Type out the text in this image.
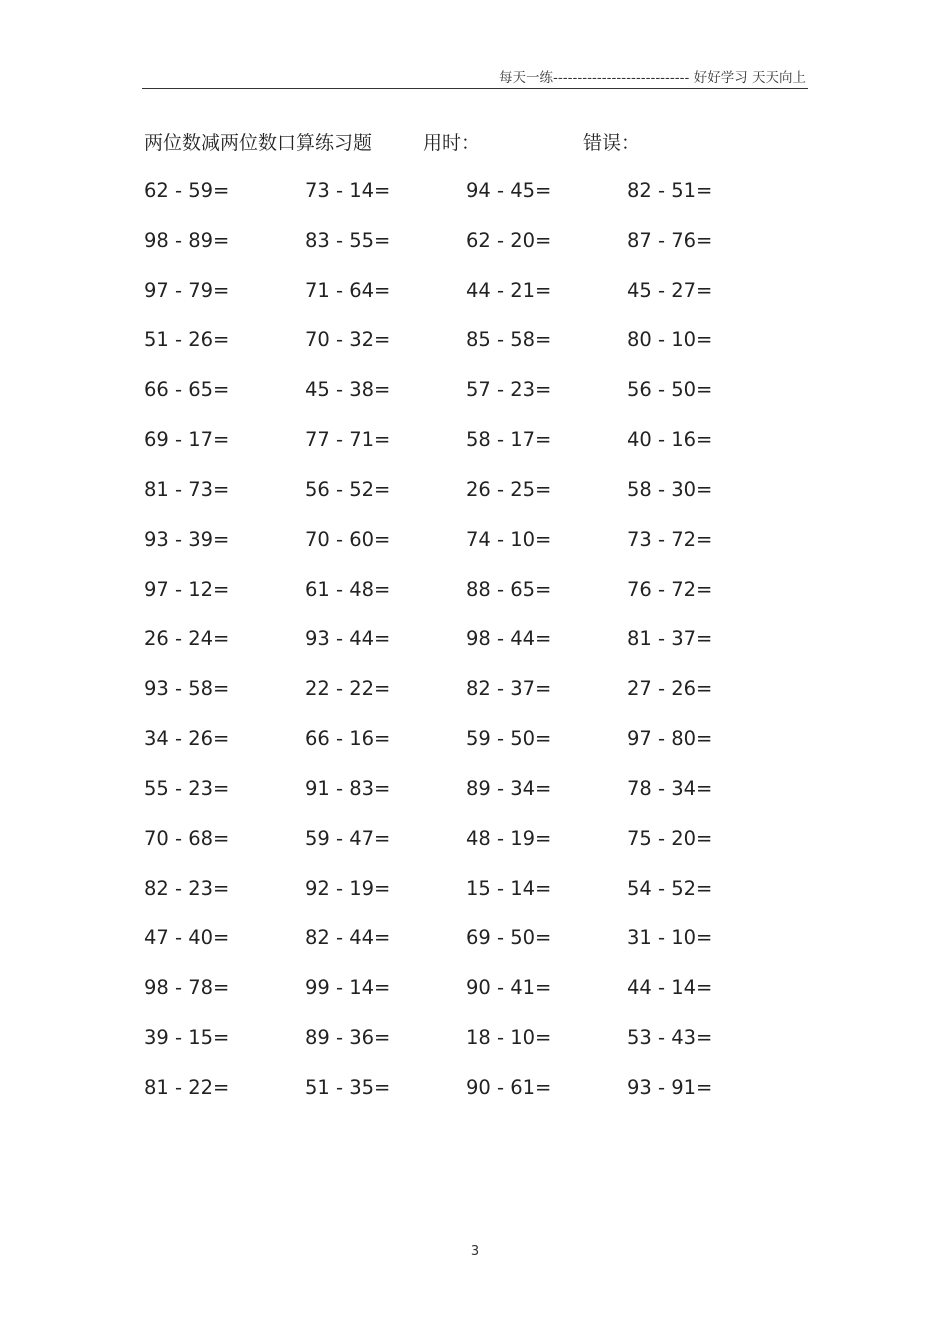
每天一练---------------------------- 好好学习 天天向上
两位数减两位数口算练习题	用时：	错误：
62 - 59=	73 - 14=	94 - 45=	82 - 51=
98 - 89=	83 - 55=	62 - 20=	87 - 76=
97 - 79=	71 - 64=	44 - 21=	45 - 27=
51 - 26=	70 - 32=	85 - 58=	80 - 10=
66 - 65=	45 - 38=	57 - 23=	56 - 50=
69 - 17=	77 - 71=	58 - 17=	40 - 16=
81 - 73=	56 - 52=	26 - 25=	58 - 30=
93 - 39=	70 - 60=	74 - 10=	73 - 72=
97 - 12=	61 - 48=	88 - 65=	76 - 72=
26 - 24=	93 - 44=	98 - 44=	81 - 37=
93 - 58=	22 - 22=	82 - 37=	27 - 26=
34 - 26=	66 - 16=	59 - 50=	97 - 80=
55 - 23=	91 - 83=	89 - 34=	78 - 34=
70 - 68=	59 - 47=	48 - 19=	75 - 20=
82 - 23=	92 - 19=	15 - 14=	54 - 52=
47 - 40=	82 - 44=	69 - 50=	31 - 10=
98 - 78=	99 - 14=	90 - 41=	44 - 14=
39 - 15=	89 - 36=	18 - 10=	53 - 43=
81 - 22=	51 - 35=	90 - 61=	93 - 91=
3
